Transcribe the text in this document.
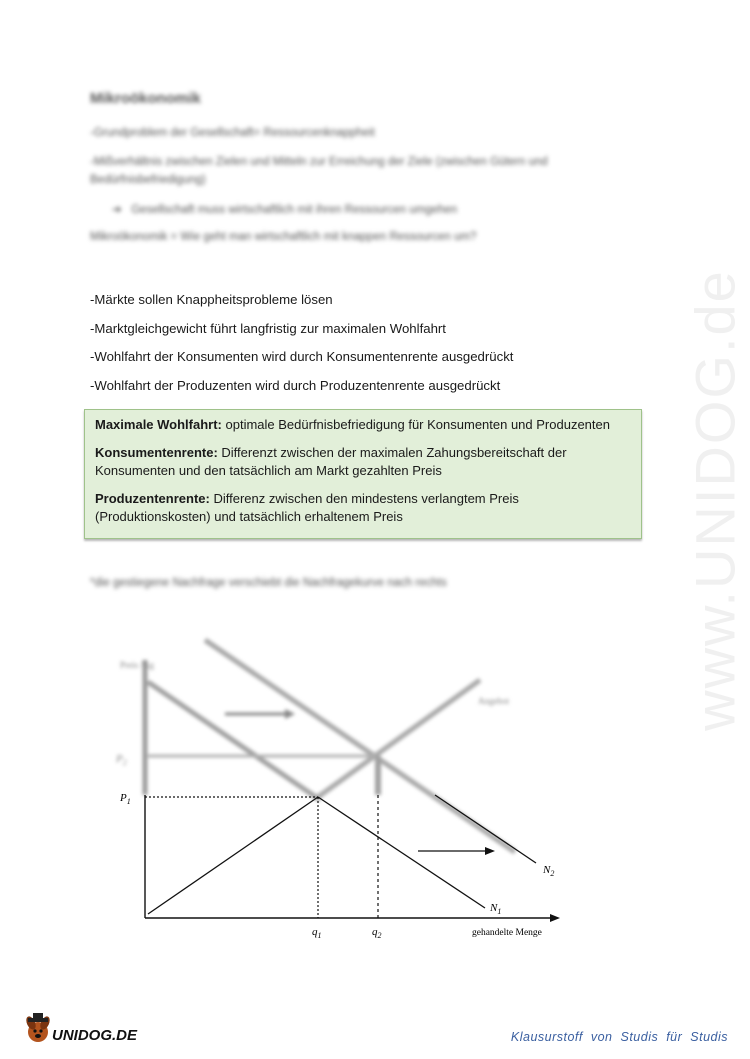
www.UNIDOG.de
Mikroökonomik
-Grundproblem der Gesellschaft= Ressourcenknappheit
-Mißverhältnis zwischen Zielen und Mitteln zur Erreichung der Ziele (zwischen Gütern und
Bedürfnisbefriedigung)
➔ Gesellschaft muss wirtschaftlich mit ihren Ressourcen umgehen
Mikroökonomik = Wie geht man wirtschaftlich mit knappen Ressourcen um?
-Märkte sollen Knappheitsprobleme lösen
-Marktgleichgewicht führt langfristig zur maximalen Wohlfahrt
-Wohlfahrt der Konsumenten wird durch Konsumentenrente ausgedrückt
-Wohlfahrt der Produzenten wird durch Produzentenrente ausgedrückt

Maximale Wohlfahrt: optimale Bedürfnisbefriedigung für Konsumenten und Produzenten

Konsumentenrente: Differenzt zwischen der maximalen Zahungsbereitschaft der Konsumenten und den tatsächlich am Markt gezahlten Preis

Produzentenrente: Differenz zwischen den mindestens verlangtem Preis (Produktionskosten) und tatsächlich erhaltenem Preis

*die gestiegene Nachfrage verschiebt die Nachfragekurve nach rechts
Preis / kg
Angebot
$P_2$
$P_1$
$N_2$
$N_1$
$q_1$	$q_2$	gehandelte Menge
UNIDOG.DE	Klausurstoff von Studis für Studis
